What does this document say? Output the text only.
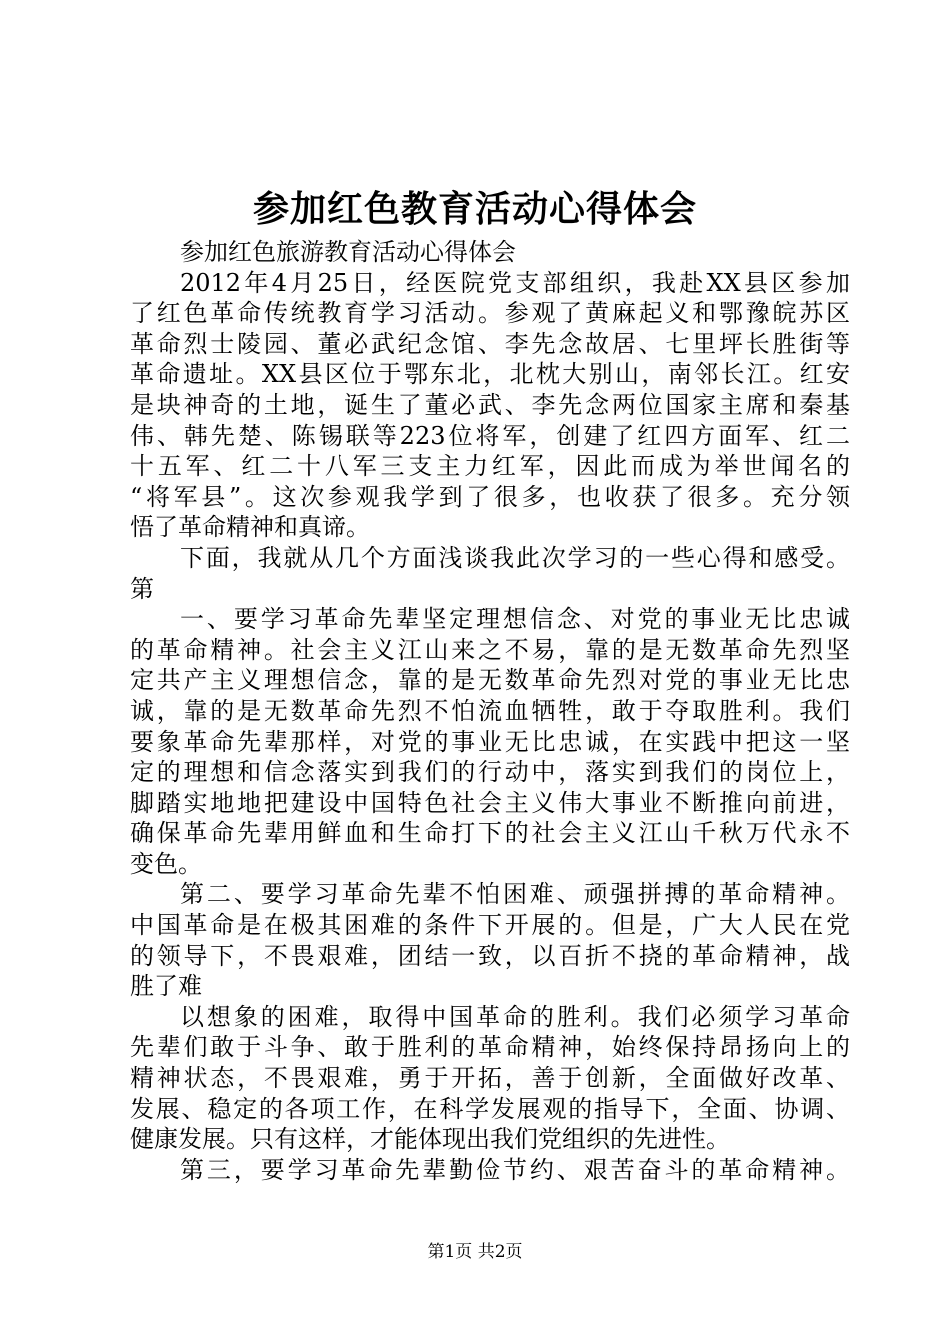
参加红色教育活动心得体会
参加红色旅游教育活动心得体会
2012年4月25日，经医院党支部组织，我赴XX县区参加
了红色革命传统教育学习活动。参观了黄麻起义和鄂豫皖苏区
革命烈士陵园、董必武纪念馆、李先念故居、七里坪长胜街等
革命遗址。XX县区位于鄂东北，北枕大别山，南邻长江。红安
是块神奇的土地，诞生了董必武、李先念两位国家主席和秦基
伟、韩先楚、陈锡联等223位将军，创建了红四方面军、红二
十五军、红二十八军三支主力红军，因此而成为举世闻名的
“将军县”。这次参观我学到了很多，也收获了很多。充分领
悟了革命精神和真谛。
下面，我就从几个方面浅谈我此次学习的一些心得和感受。
第
一、要学习革命先辈坚定理想信念、对党的事业无比忠诚
的革命精神。社会主义江山来之不易，靠的是无数革命先烈坚
定共产主义理想信念，靠的是无数革命先烈对党的事业无比忠
诚，靠的是无数革命先烈不怕流血牺牲，敢于夺取胜利。我们
要象革命先辈那样，对党的事业无比忠诚，在实践中把这一坚
定的理想和信念落实到我们的行动中，落实到我们的岗位上，
脚踏实地地把建设中国特色社会主义伟大事业不断推向前进，
确保革命先辈用鲜血和生命打下的社会主义江山千秋万代永不
变色。
第二、要学习革命先辈不怕困难、顽强拼搏的革命精神。
中国革命是在极其困难的条件下开展的。但是，广大人民在党
的领导下，不畏艰难，团结一致，以百折不挠的革命精神，战
胜了难
以想象的困难，取得中国革命的胜利。我们必须学习革命
先辈们敢于斗争、敢于胜利的革命精神，始终保持昂扬向上的
精神状态，不畏艰难，勇于开拓，善于创新，全面做好改革、
发展、稳定的各项工作，在科学发展观的指导下，全面、协调、
健康发展。只有这样，才能体现出我们党组织的先进性。
第三，要学习革命先辈勤俭节约、艰苦奋斗的革命精神。
第1页 共2页
